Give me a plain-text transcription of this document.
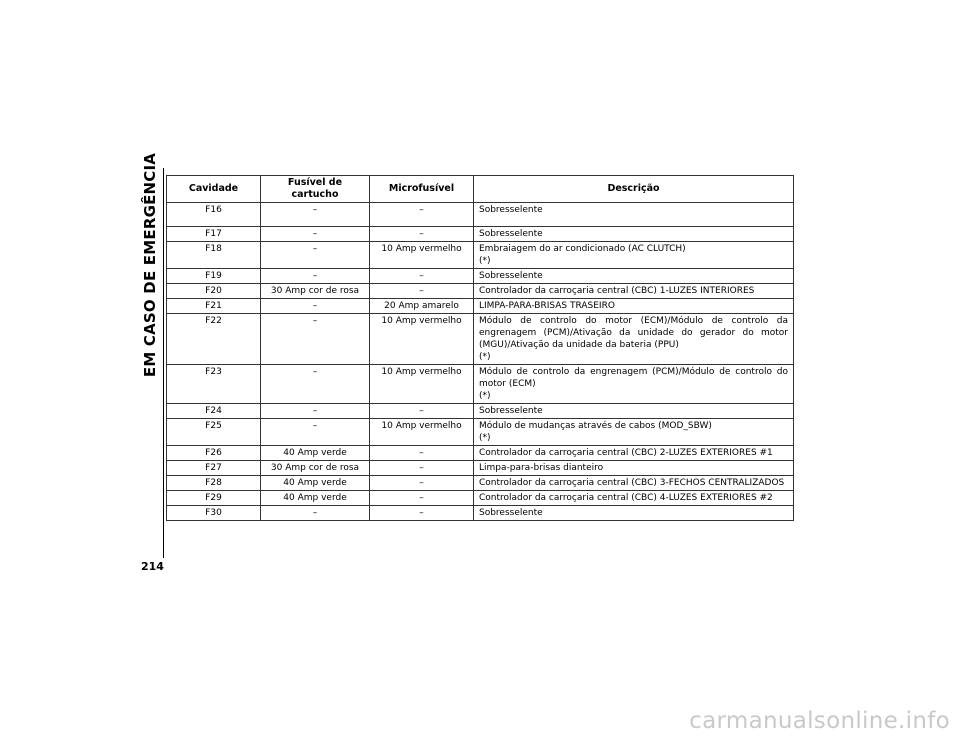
EM CASO DE EMERGÊNCIA
214
Cavidade	Fusível de cartucho	Microfusível	Descrição
F16	–	–	Sobresselente

F17	–	–	Sobresselente

F18	–	10 Amp vermelho	Embraiagem do ar condicionado (AC CLUTCH)
(*)

F19	–	–	Sobresselente

F20	30 Amp cor de rosa	–	Controlador da carroçaria central (CBC) 1-LUZES INTERIORES

F21	–	20 Amp amarelo	LIMPA-PARA-BRISAS TRASEIRO

F22	–	10 Amp vermelho	Módulo de controlo do motor (ECM)/Módulo de controlo da engrenagem (PCM)/Ativação da unidade do gerador do motor (MGU)/Ativação da unidade da bateria (PPU)
(*)

F23	–	10 Amp vermelho	Módulo de controlo da engrenagem (PCM)/Módulo de controlo do motor (ECM)
(*)

F24	–	–	Sobresselente

F25	–	10 Amp vermelho	Módulo de mudanças através de cabos (MOD_SBW)
(*)

F26	40 Amp verde	–	Controlador da carroçaria central (CBC) 2-LUZES EXTERIORES #1

F27	30 Amp cor de rosa	–	Limpa-para-brisas dianteiro

F28	40 Amp verde	–	Controlador da carroçaria central (CBC) 3-FECHOS CENTRALIZADOS

F29	40 Amp verde	–	Controlador da carroçaria central (CBC) 4-LUZES EXTERIORES #2

F30	–	–	Sobresselente
carmanualsonline.info
